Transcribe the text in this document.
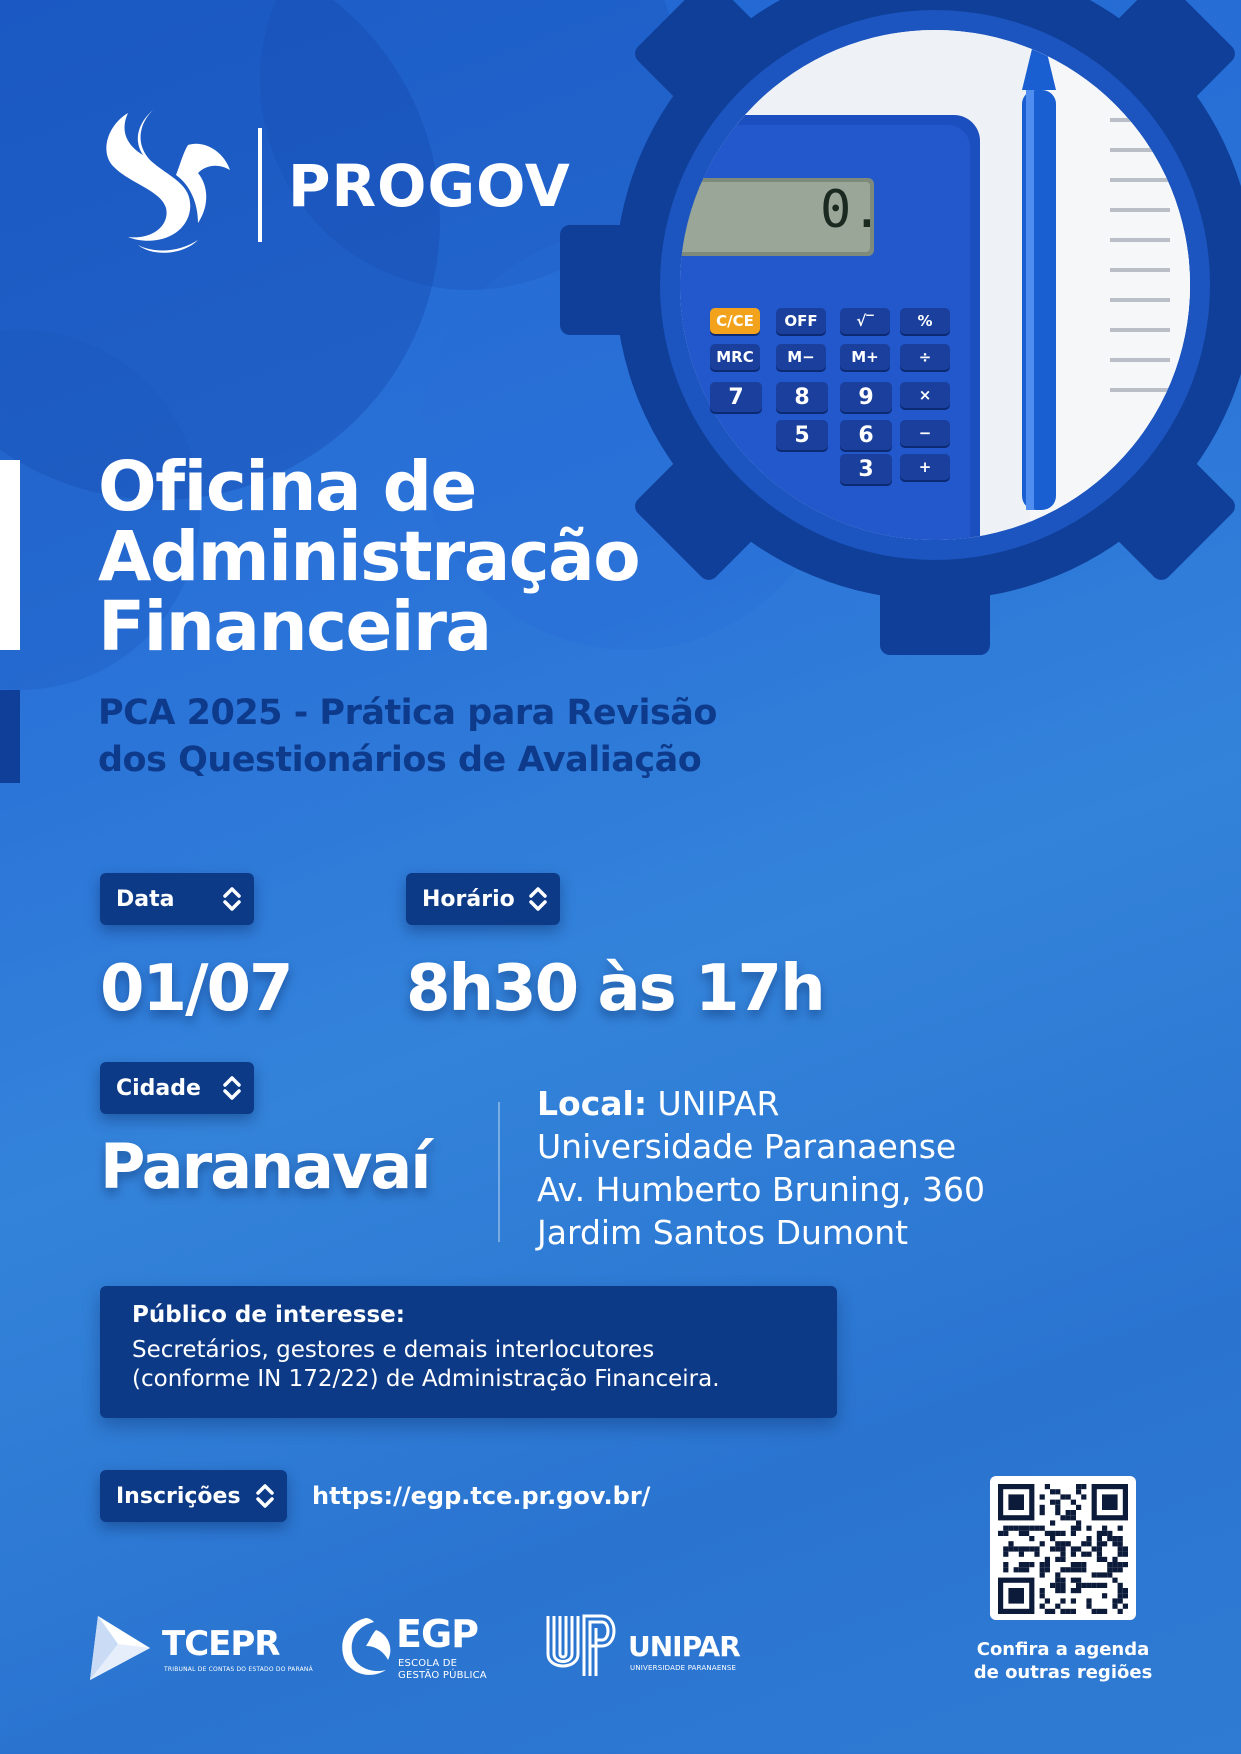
0.
C/CE	OFF	√‾	%
MRC	M−	M+	÷
7	8	9	×
5	6	−
3	+
PROGOV
Oficina de
Administração
Financeira
PCA 2025 - Prática para Revisão
dos Questionários de Avaliação
Data	Horário
01/07 8h30 às 17h
Cidade
Paranavaí
Local: UNIPAR
Universidade Paranaense
Av. Humberto Bruning, 360
Jardim Santos Dumont
Público de interesse:
Secretários, gestores e demais interlocutores
(conforme IN 172/22) de Administração Financeira.
Inscrições	https://egp.tce.pr.gov.br/
Confira a agenda
de outras regiões
TCEPR
TRIBUNAL DE CONTAS DO ESTADO DO PARANÁ
EGP
ESCOLA DE
GESTÃO PÚBLICA
UNIPAR
UNIVERSIDADE PARANAENSE
